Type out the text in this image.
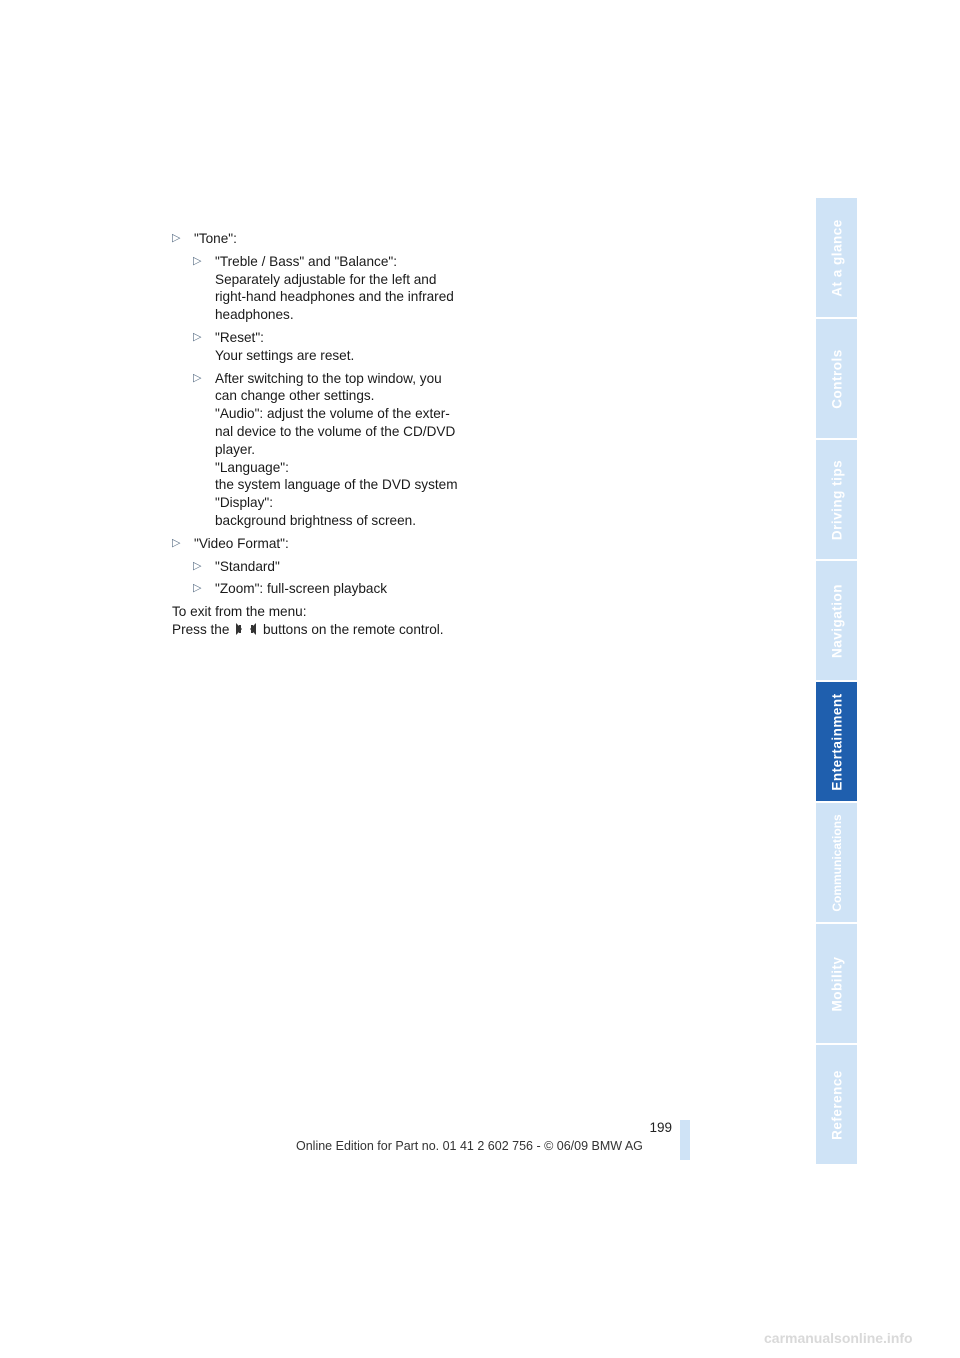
▷ "Tone":
▷ "Treble / Bass" and "Balance":
Separately adjustable for the left and
right-hand headphones and the infrared
headphones.
▷ "Reset":
Your settings are reset.
▷ After switching to the top window, you
can change other settings.
"Audio": adjust the volume of the exter-
nal device to the volume of the CD/DVD
player.
"Language":
the system language of the DVD system
"Display":
background brightness of screen.
▷ "Video Format":
▷ "Standard"
▷ "Zoom": full-screen playback
To exit from the menu:
Press the buttons on the remote control.
At a glance
Controls
Driving tips
Navigation
Entertainment
Communications
Mobility
Reference
199
Online Edition for Part no. 01 41 2 602 756 - © 06/09 BMW AG
carmanualsonline.info
